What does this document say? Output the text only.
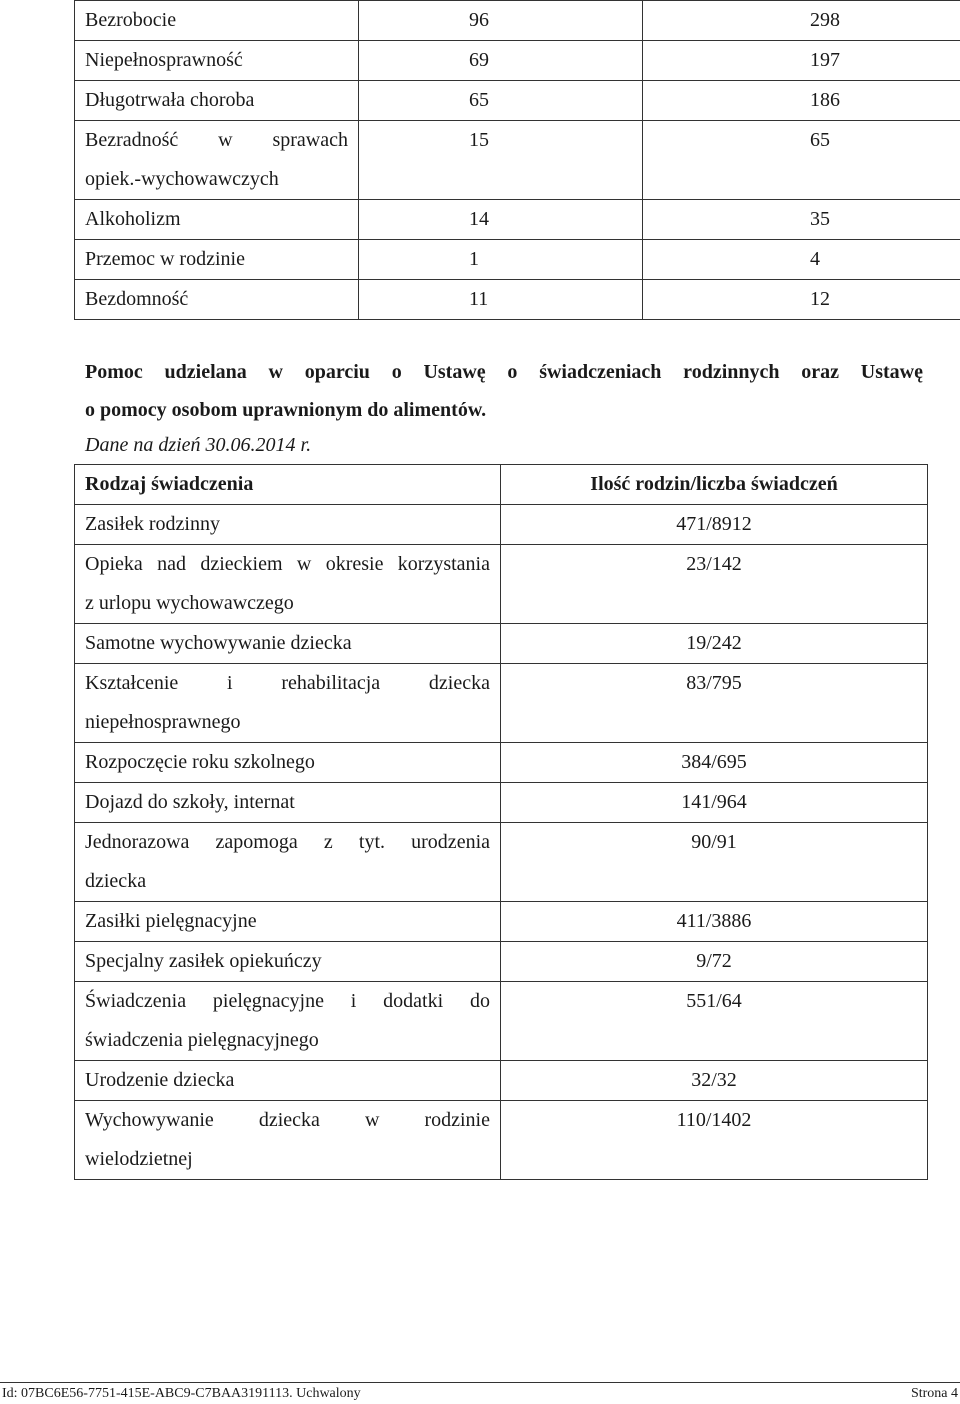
Bezrobocie	96	298
Niepełnosprawność	69	197
Długotrwała choroba	65	186

Bezradność w sprawach
opiek.-wychowawczych	15	65
Alkoholizm	14	35
Przemoc w rodzinie	1	4
Bezdomność	11	12
Pomoc udzielana w oparciu o Ustawę o świadczeniach rodzinnych oraz Ustawę
o pomocy osobom uprawnionym do alimentów.
Dane na dzień 30.06.2014 r.
Rodzaj świadczenia	Ilość rodzin/liczba świadczeń
Zasiłek rodzinny	471/8912

Opieka nad dzieckiem w okresie korzystania
z urlopu wychowawczego	23/142
Samotne wychowywanie dziecka	19/242

Kształcenie i rehabilitacja dziecka
niepełnosprawnego	83/795
Rozpoczęcie roku szkolnego	384/695
Dojazd do szkoły, internat	141/964

Jednorazowa zapomoga z tyt. urodzenia
dziecka	90/91
Zasiłki pielęgnacyjne	411/3886
Specjalny zasiłek opiekuńczy	9/72

Świadczenia pielęgnacyjne i dodatki do
świadczenia pielęgnacyjnego	551/64
Urodzenie dziecka	32/32

Wychowywanie dziecka w rodzinie
wielodzietnej	110/1402
Id: 07BC6E56-7751-415E-ABC9-C7BAA3191113. Uchwalony	Strona 4
